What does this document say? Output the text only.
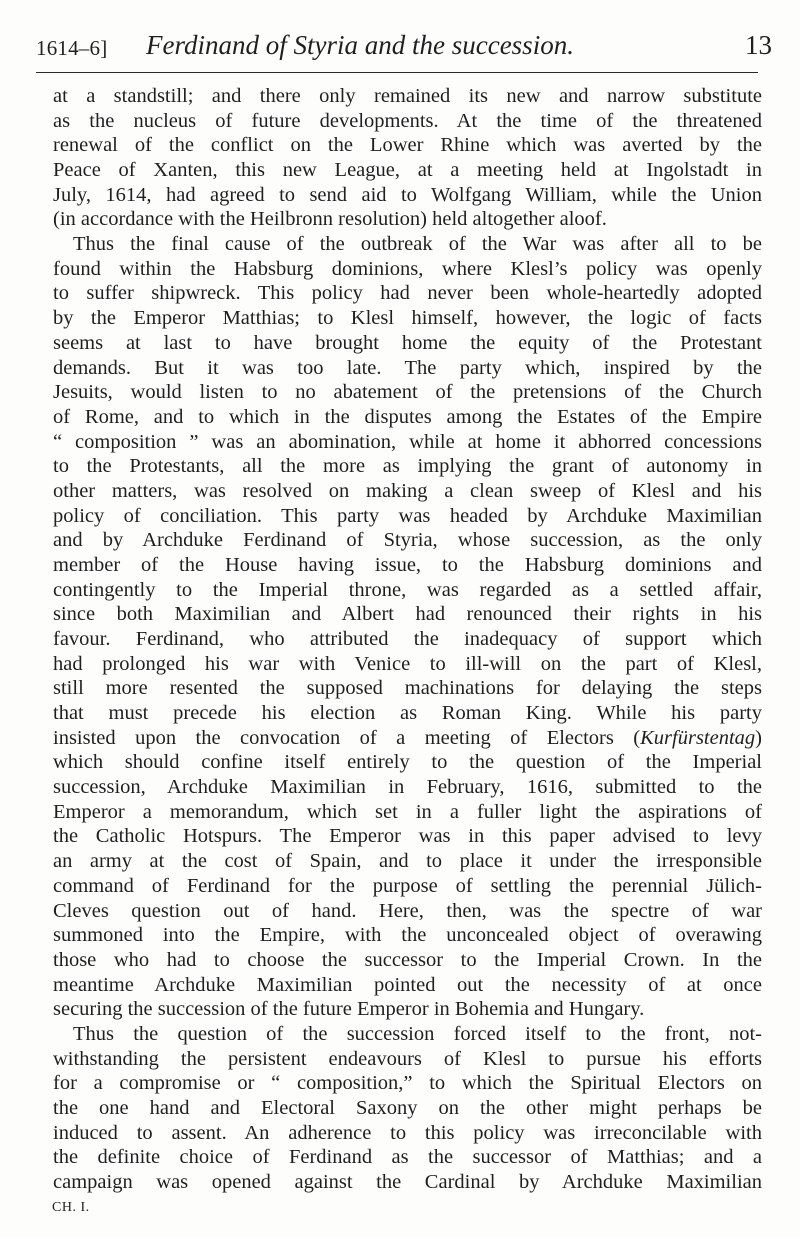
1614–6] Ferdinand of Styria and the succession.	13

at a standstill; and there only remained its new and narrow substitute

as the nucleus of future developments. At the time of the threatened

renewal of the conflict on the Lower Rhine which was averted by the

Peace of Xanten, this new League, at a meeting held at Ingolstadt in

July, 1614, had agreed to send aid to Wolfgang William, while the Union

(in accordance with the Heilbronn resolution) held altogether aloof.

Thus the final cause of the outbreak of the War was after all to be

found within the Habsburg dominions, where Klesl’s policy was openly

to suffer shipwreck. This policy had never been whole-heartedly adopted

by the Emperor Matthias; to Klesl himself, however, the logic of facts

seems at last to have brought home the equity of the Protestant

demands. But it was too late. The party which, inspired by the

Jesuits, would listen to no abatement of the pretensions of the Church

of Rome, and to which in the disputes among the Estates of the Empire

“ composition ” was an abomination, while at home it abhorred concessions

to the Protestants, all the more as implying the grant of autonomy in

other matters, was resolved on making a clean sweep of Klesl and his

policy of conciliation. This party was headed by Archduke Maximilian

and by Archduke Ferdinand of Styria, whose succession, as the only

member of the House having issue, to the Habsburg dominions and

contingently to the Imperial throne, was regarded as a settled affair,

since both Maximilian and Albert had renounced their rights in his

favour. Ferdinand, who attributed the inadequacy of support which

had prolonged his war with Venice to ill-will on the part of Klesl,

still more resented the supposed machinations for delaying the steps

that must precede his election as Roman King. While his party

insisted upon the convocation of a meeting of Electors (Kurfürstentag)

which should confine itself entirely to the question of the Imperial

succession, Archduke Maximilian in February, 1616, submitted to the

Emperor a memorandum, which set in a fuller light the aspirations of

the Catholic Hotspurs. The Emperor was in this paper advised to levy

an army at the cost of Spain, and to place it under the irresponsible

command of Ferdinand for the purpose of settling the perennial Jülich-

Cleves question out of hand. Here, then, was the spectre of war

summoned into the Empire, with the unconcealed object of overawing

those who had to choose the successor to the Imperial Crown. In the

meantime Archduke Maximilian pointed out the necessity of at once

securing the succession of the future Emperor in Bohemia and Hungary.

Thus the question of the succession forced itself to the front, not-

withstanding the persistent endeavours of Klesl to pursue his efforts

for a compromise or “ composition,” to which the Spiritual Electors on

the one hand and Electoral Saxony on the other might perhaps be

induced to assent. An adherence to this policy was irreconcilable with

the definite choice of Ferdinand as the successor of Matthias; and a

campaign was opened against the Cardinal by Archduke Maximilian

CH. I.
